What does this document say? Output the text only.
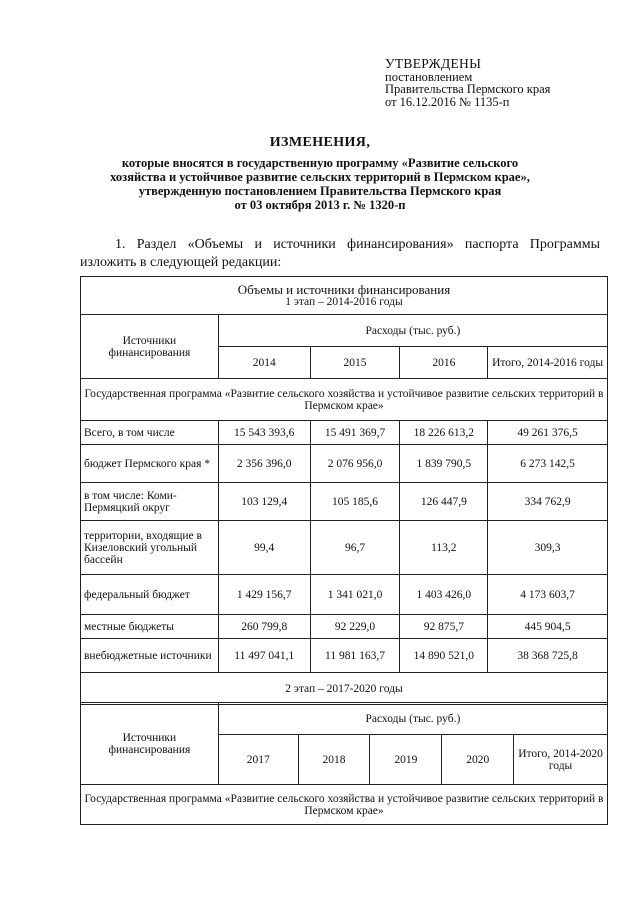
УТВЕРЖДЕНЫ
постановлением
Правительства Пермского края
от 16.12.2016 № 1135-п
ИЗМЕНЕНИЯ,
которые вносятся в государственную программу «Развитие сельского
хозяйства и устойчивое развитие сельских территорий в Пермском крае»,
утвержденную постановлением Правительства Пермского края
от 03 октября 2013 г. № 1320-п
1. Раздел «Объемы и источники финансирования» паспорта Программы изложить в следующей редакции:
Объемы и источники финансирования
1 этап – 2014-2016 годы				

Источники финансирования	Расходы (тыс. руб.)			
	2014	2015	2016	Итого, 2014-2016 годы
Государственная программа «Развитие сельского хозяйства и устойчивое развитие сельских территорий в Пермском крае»				
Всего, в том числе	15 543 393,6	15 491 369,7	18 226 613,2	49 261 376,5
бюджет Пермского края *	2 356 396,0	2 076 956,0	1 839 790,5	6 273 142,5
в том числе: Коми-Пермяцкий округ	103 129,4	105 185,6	126 447,9	334 762,9
территории, входящие в Кизеловский угольный бассейн	99,4	96,7	113,2	309,3
федеральный бюджет	1 429 156,7	1 341 021,0	1 403 426,0	4 173 603,7
местные бюджеты	260 799,8	92 229,0	92 875,7	445 904,5
внебюджетные источники	11 497 041,1	11 981 163,7	14 890 521,0	38 368 725,8
2 этап – 2017-2020 годы				
Источники финансирования	Расходы (тыс. руб.)				
	2017	2018	2019	2020	Итого, 2014-2020 годы
Государственная программа «Развитие сельского хозяйства и устойчивое развитие сельских территорий в Пермском крае»					
